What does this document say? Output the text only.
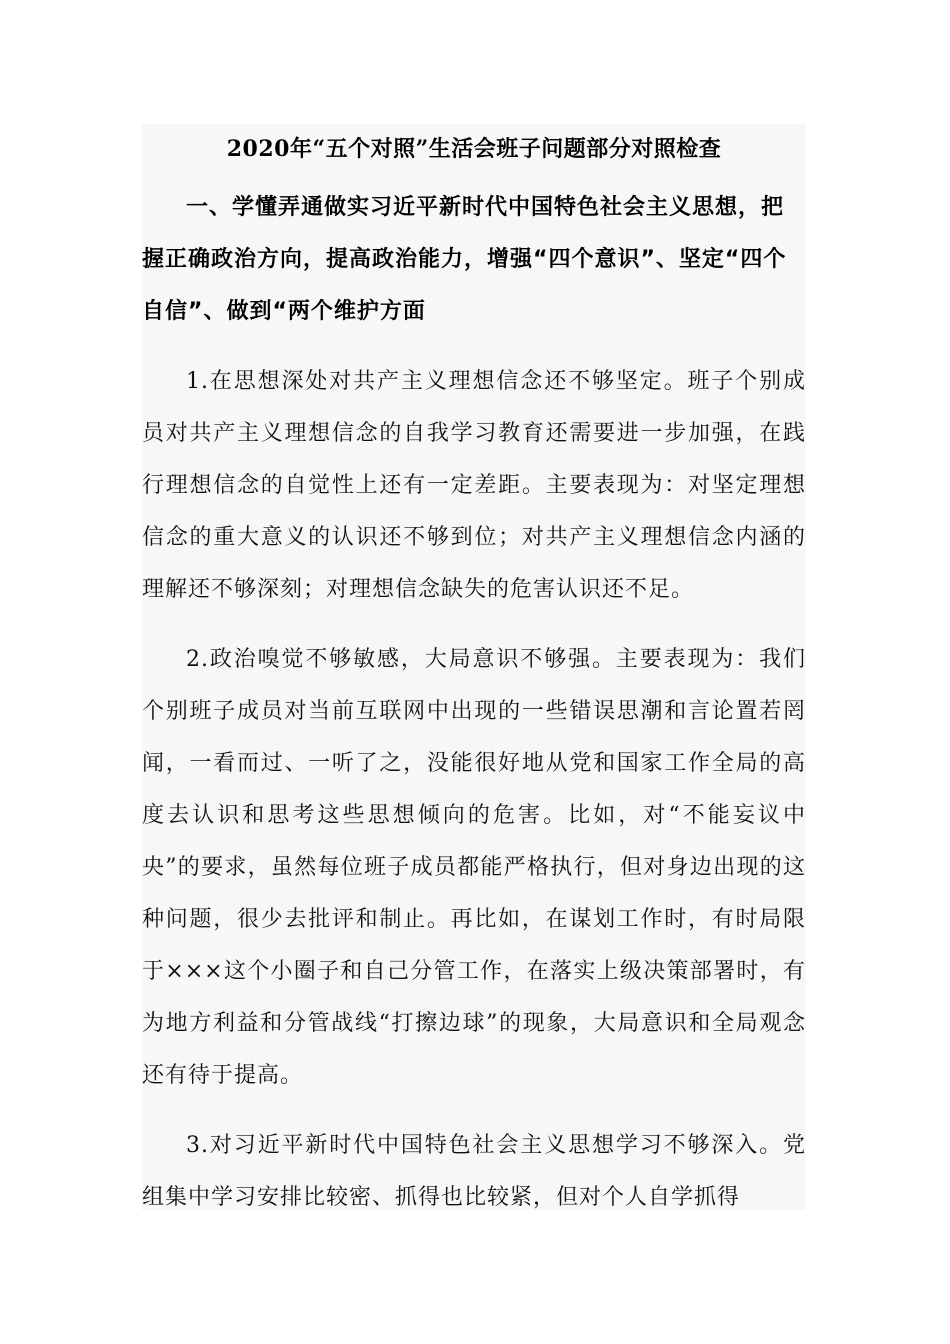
2020年“五个对照”生活会班子问题部分对照检查

一、学懂弄通做实习近平新时代中国特色社会主义思想，把握正确政治方向，提高政治能力，增强“四个意识”、坚定“四个自信”、做到“两个维护方面

1.在思想深处对共产主义理想信念还不够坚定。班子个别成员对共产主义理想信念的自我学习教育还需要进一步加强，在践行理想信念的自觉性上还有一定差距。主要表现为：对坚定理想信念的重大意义的认识还不够到位；对共产主义理想信念内涵的理解还不够深刻；对理想信念缺失的危害认识还不足。

2.政治嗅觉不够敏感，大局意识不够强。主要表现为：我们个别班子成员对当前互联网中出现的一些错误思潮和言论置若罔闻，一看而过、一听了之，没能很好地从党和国家工作全局的高度去认识和思考这些思想倾向的危害。比如，对“不能妄议中央”的要求，虽然每位班子成员都能严格执行，但对身边出现的这种问题，很少去批评和制止。再比如，在谋划工作时，有时局限于×××这个小圈子和自己分管工作，在落实上级决策部署时，有为地方利益和分管战线“打擦边球”的现象，大局意识和全局观念还有待于提高。

3.对习近平新时代中国特色社会主义思想学习不够深入。党组集中学习安排比较密、抓得也比较紧，但对个人自学抓得
